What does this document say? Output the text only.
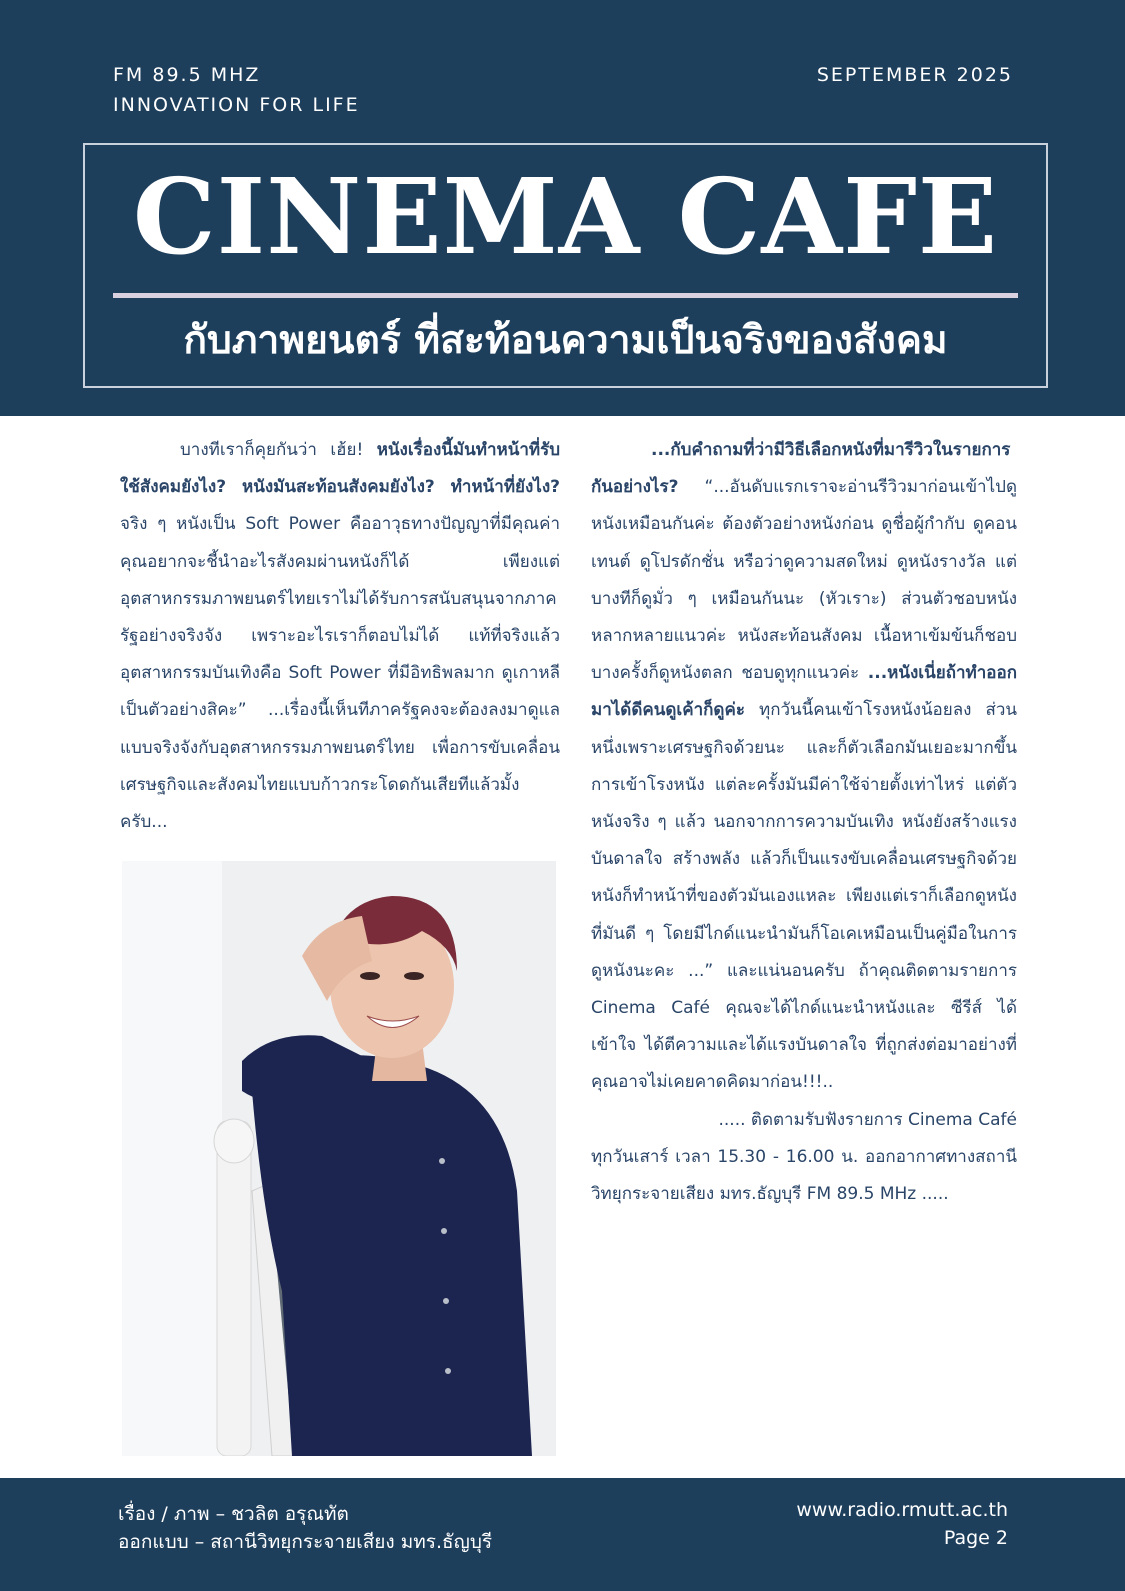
FM 89.5 MHZ
INNOVATION FOR LIFE
SEPTEMBER 2025
CINEMA CAFE
กับภาพยนตร์ ที่สะท้อนความเป็นจริงของสังคม

บางทีเราก็คุยกันว่า เฮ้ย! หนังเรื่องนี้มันทำหน้าที่รับใช้สังคมยังไง? หนังมันสะท้อนสังคมยังไง? ทำหน้าที่ยังไง? จริง ๆ หนังเป็น Soft Power คืออาวุธทางปัญญาที่มีคุณค่า คุณอยากจะชี้นำอะไรสังคมผ่านหนังก็ได้ เพียงแต่อุตสาหกรรมภาพยนตร์ไทยเราไม่ได้รับการสนับสนุนจากภาครัฐอย่างจริงจัง เพราะอะไรเราก็ตอบไม่ได้ แท้ที่จริงแล้วอุตสาหกรรมบันเทิงคือ Soft Power ที่มีอิทธิพลมาก ดูเกาหลีเป็นตัวอย่างสิคะ” ...เรื่องนี้เห็นทีภาครัฐคงจะต้องลงมาดูแลแบบจริงจังกับอุตสาหกรรมภาพยนตร์ไทย เพื่อการขับเคลื่อนเศรษฐกิจและสังคมไทยแบบก้าวกระโดดกันเสียทีแล้วมั้งครับ...

...กับคำถามที่ว่ามีวิธีเลือกหนังที่มารีวิวในรายการกันอย่างไร? “...อันดับแรกเราจะอ่านรีวิวมาก่อนเข้าไปดูหนังเหมือนกันค่ะ ต้องตัวอย่างหนังก่อน ดูชื่อผู้กำกับ ดูคอนเทนต์ ดูโปรดักชั่น หรือว่าดูความสดใหม่ ดูหนังรางวัล แต่บางทีก็ดูมั่ว ๆ เหมือนกันนะ (หัวเราะ) ส่วนตัวชอบหนังหลากหลายแนวค่ะ หนังสะท้อนสังคม เนื้อหาเข้มข้นก็ชอบ บางครั้งก็ดูหนังตลก ชอบดูทุกแนวค่ะ ...หนังเนี่ยถ้าทำออกมาได้ดีคนดูเค้าก็ดูค่ะ ทุกวันนี้คนเข้าโรงหนังน้อยลง ส่วนหนึ่งเพราะเศรษฐกิจด้วยนะ และก็ตัวเลือกมันเยอะมากขึ้น การเข้าโรงหนัง แต่ละครั้งมันมีค่าใช้จ่ายตั้งเท่าไหร่ แต่ตัวหนังจริง ๆ แล้ว นอกจากการความบันเทิง หนังยังสร้างแรงบันดาลใจ สร้างพลัง แล้วก็เป็นแรงขับเคลื่อนเศรษฐกิจด้วย หนังก็ทำหน้าที่ของตัวมันเองแหละ เพียงแต่เราก็เลือกดูหนังที่มันดี ๆ โดยมีไกด์แนะนำมันก็โอเคเหมือนเป็นคู่มือในการดูหนังนะคะ ...” และแน่นอนครับ ถ้าคุณติดตามรายการ Cinema Café คุณจะได้ไกด์แนะนำหนังและ ซีรีส์ ได้เข้าใจ ได้ตีความและได้แรงบันดาลใจ ที่ถูกส่งต่อมาอย่างที่คุณอาจไม่เคยคาดคิดมาก่อน!!!..

..... ติดตามรับฟังรายการ Cinema Café

ทุกวันเสาร์ เวลา 15.30 - 16.00 น. ออกอากาศทางสถานีวิทยุกระจายเสียง มทร.ธัญบุรี FM 89.5 MHz .....

เรื่อง / ภาพ – ชวลิต อรุณทัต
ออกแบบ – สถานีวิทยุกระจายเสียง มทร.ธัญบุรี
www.radio.rmutt.ac.th
Page 2
